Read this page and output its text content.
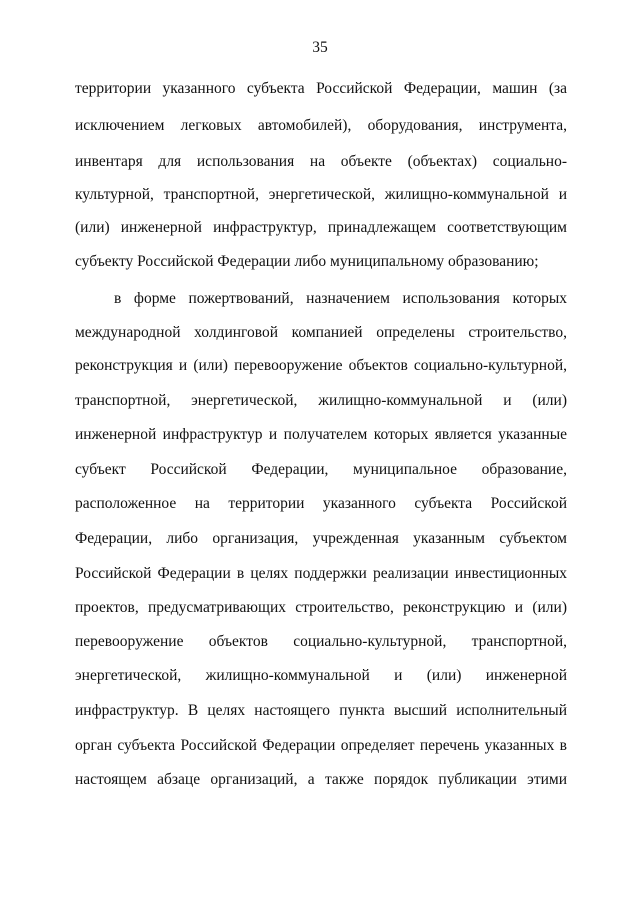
35
территории указанного субъекта Российской Федерации, машин (за
исключением легковых автомобилей), оборудования, инструмента,
инвентаря для использования на объекте (объектах) социально-
культурной, транспортной, энергетической, жилищно-коммунальной и
(или) инженерной инфраструктур, принадлежащем соответствующим
субъекту Российской Федерации либо муниципальному образованию;
в форме пожертвований, назначением использования которых
международной холдинговой компанией определены строительство,
реконструкция и (или) перевооружение объектов социально-культурной,
транспортной, энергетической, жилищно-коммунальной и (или)
инженерной инфраструктур и получателем которых является указанные
субъект Российской Федерации, муниципальное образование,
расположенное на территории указанного субъекта Российской
Федерации, либо организация, учрежденная указанным субъектом
Российской Федерации в целях поддержки реализации инвестиционных
проектов, предусматривающих строительство, реконструкцию и (или)
перевооружение объектов социально-культурной, транспортной,
энергетической, жилищно-коммунальной и (или) инженерной
инфраструктур. В целях настоящего пункта высший исполнительный
орган субъекта Российской Федерации определяет перечень указанных в
настоящем абзаце организаций, а также порядок публикации этими
